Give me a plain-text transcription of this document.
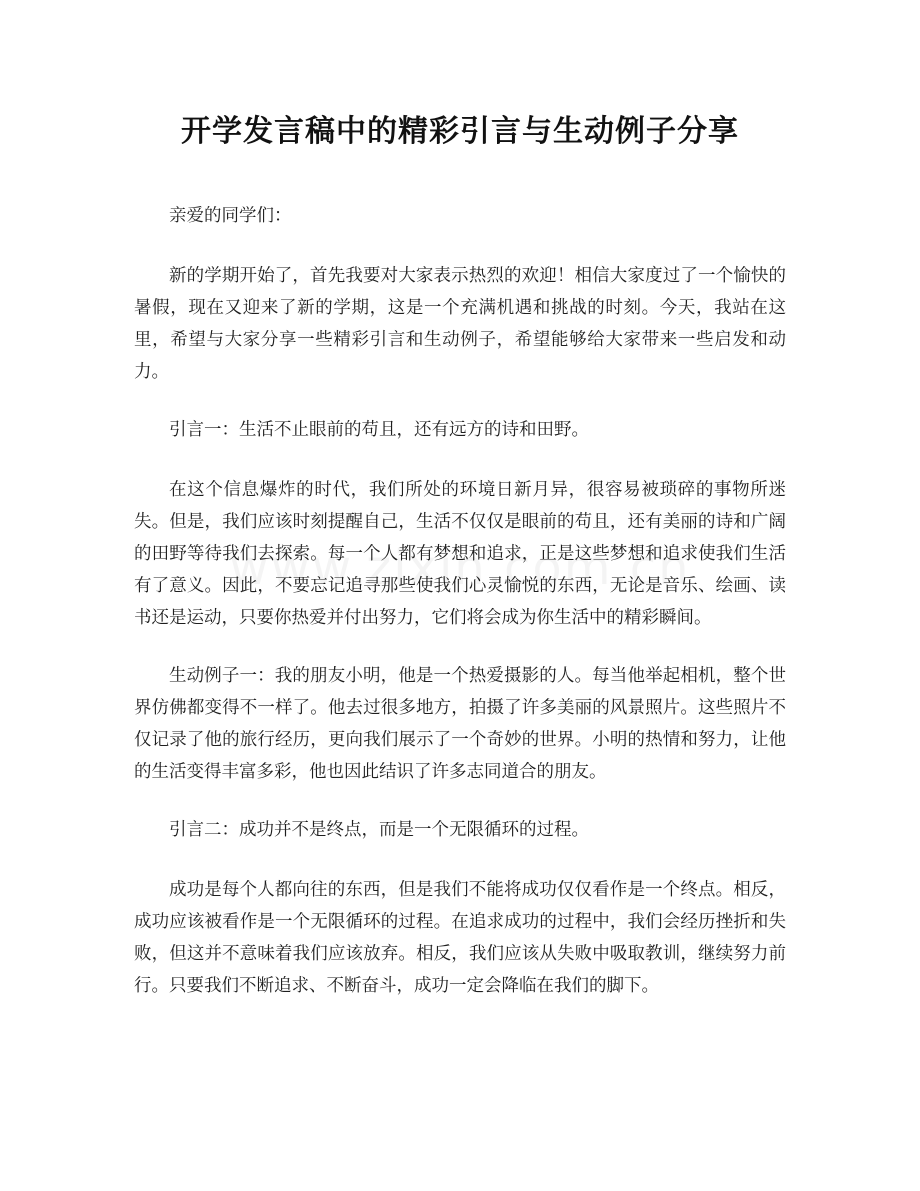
开学发言稿中的精彩引言与生动例子分享

亲爱的同学们：

新的学期开始了，首先我要对大家表示热烈的欢迎！相信大家度过了一个愉快的暑假，现在又迎来了新的学期，这是一个充满机遇和挑战的时刻。今天，我站在这里，希望与大家分享一些精彩引言和生动例子，希望能够给大家带来一些启发和动力。

引言一：生活不止眼前的苟且，还有远方的诗和田野。

在这个信息爆炸的时代，我们所处的环境日新月异，很容易被琐碎的事物所迷失。但是，我们应该时刻提醒自己，生活不仅仅是眼前的苟且，还有美丽的诗和广阔的田野等待我们去探索。每一个人都有梦想和追求，正是这些梦想和追求使我们生活有了意义。因此，不要忘记追寻那些使我们心灵愉悦的东西，无论是音乐、绘画、读书还是运动，只要你热爱并付出努力，它们将会成为你生活中的精彩瞬间。

生动例子一：我的朋友小明，他是一个热爱摄影的人。每当他举起相机，整个世界仿佛都变得不一样了。他去过很多地方，拍摄了许多美丽的风景照片。这些照片不仅记录了他的旅行经历，更向我们展示了一个奇妙的世界。小明的热情和努力，让他的生活变得丰富多彩，他也因此结识了许多志同道合的朋友。

引言二：成功并不是终点，而是一个无限循环的过程。

成功是每个人都向往的东西，但是我们不能将成功仅仅看作是一个终点。相反，成功应该被看作是一个无限循环的过程。在追求成功的过程中，我们会经历挫折和失败，但这并不意味着我们应该放弃。相反，我们应该从失败中吸取教训，继续努力前行。只要我们不断追求、不断奋斗，成功一定会降临在我们的脚下。
